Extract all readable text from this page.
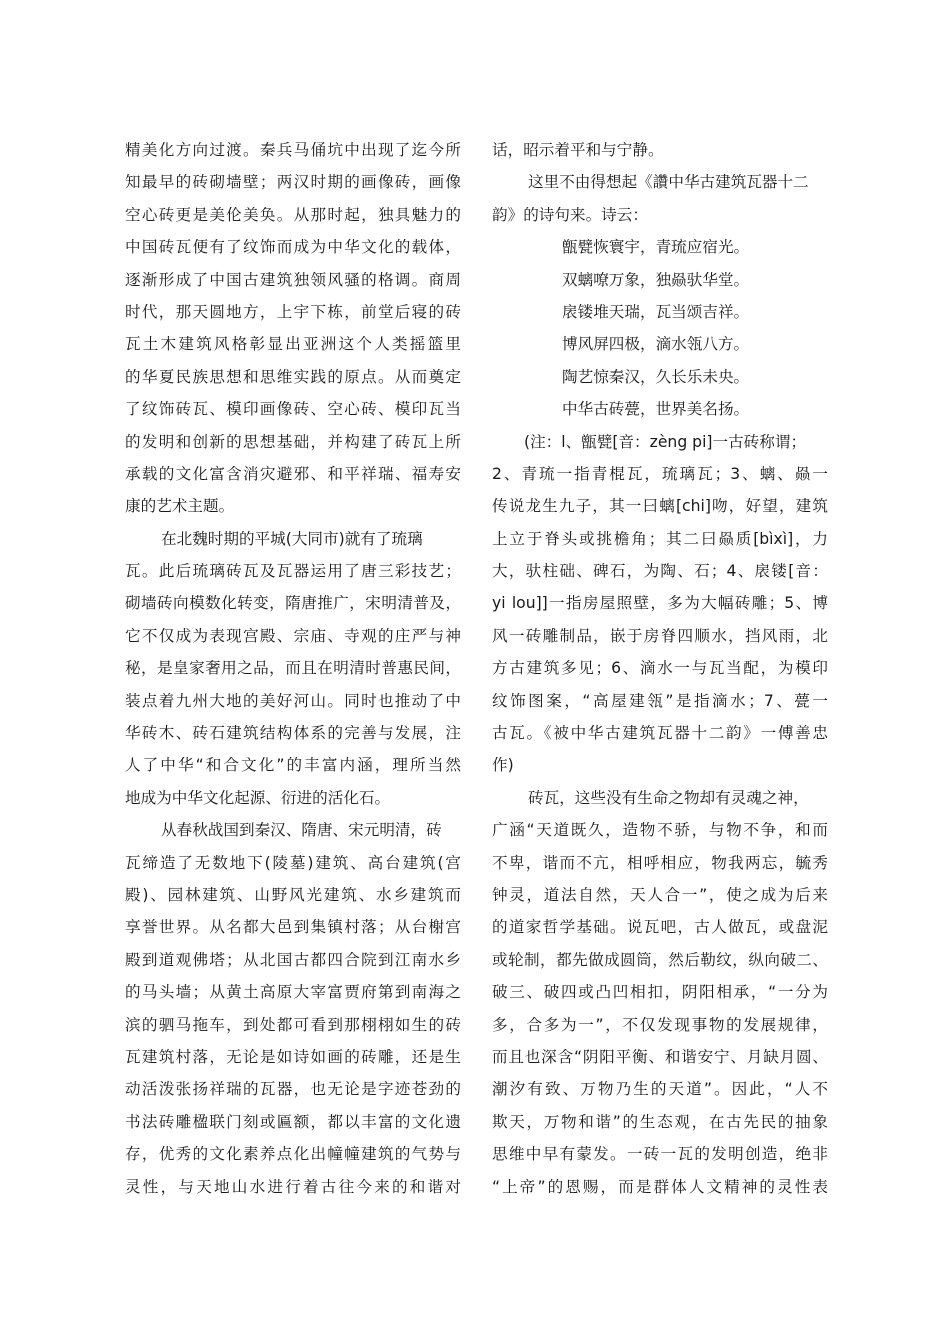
精美化方向过渡。秦兵马俑坑中出现了迄今所
知最早的砖砌墙壁；两汉时期的画像砖，画像
空心砖更是美伦美奂。从那时起，独具魅力的
中国砖瓦便有了纹饰而成为中华文化的载体，
逐渐形成了中国古建筑独领风骚的格调。商周
时代，那天圆地方，上宇下栋，前堂后寝的砖
瓦土木建筑风格彰显出亚洲这个人类摇篮里
的华夏民族思想和思维实践的原点。从而奠定
了纹饰砖瓦、模印画像砖、空心砖、模印瓦当
的发明和创新的思想基础，并构建了砖瓦上所
承载的文化富含消灾避邪、和平祥瑞、福寿安
康的艺术主题。
在北魏时期的平城(大同市)就有了琉璃
瓦。此后琉璃砖瓦及瓦器运用了唐三彩技艺；
砌墙砖向模数化转变，隋唐推广，宋明清普及，
它不仅成为表现宫殿、宗庙、寺观的庄严与神
秘，是皇家奢用之品，而且在明清时普惠民间，
装点着九州大地的美好河山。同时也推动了中
华砖木、砖石建筑结构体系的完善与发展，注
人了中华“和合文化”的丰富内涵，理所当然
地成为中华文化起源、衍进的活化石。
从春秋战国到秦汉、隋唐、宋元明清，砖
瓦缔造了无数地下(陵墓)建筑、高台建筑(宫
殿)、园林建筑、山野风光建筑、水乡建筑而
享誉世界。从名都大邑到集镇村落；从台榭宫
殿到道观佛塔；从北国古都四合院到江南水乡
的马头墙；从黄土高原大宰富贾府第到南海之
滨的驷马拖车，到处都可看到那栩栩如生的砖
瓦建筑村落，无论是如诗如画的砖雕，还是生
动活泼张扬祥瑞的瓦器，也无论是字迹苍劲的
书法砖雕楹联门刻或匾额，都以丰富的文化遗
存，优秀的文化素养点化出幢幢建筑的气势与
灵性，与天地山水进行着古往今来的和谐对
话，昭示着平和与宁静。
这里不由得想起《讚中华古建筑瓦器十二
韵》的诗句来。诗云：
甑甓恢寰宇，青琉应宿光。
双螭嘹万象，独赑驮华堂。
扆镂堆天瑞，瓦当颂吉祥。
博风屏四极，滴水瓴八方。
陶艺惊秦汉，久长乐未央。
中华古砖甍，世界美名扬。
(注：l、甑甓[音：zèng pi]一古砖称谓；
2、青琉一指青棍瓦，琉璃瓦；3、螭、赑一
传说龙生九子，其一曰螭[chi]吻，好望，建筑
上立于脊头或挑檐角；其二曰赑质[bìxì]，力
大，驮柱础、碑石，为陶、石；4、扆镂[音：
yi lou]]一指房屋照壁，多为大幅砖雕；5、博
风一砖雕制品，嵌于房脊四顺水，挡风雨，北
方古建筑多见；6、滴水一与瓦当配，为模印
纹饰图案，“高屋建瓴”是指滴水；7、甍一
古瓦。《被中华古建筑瓦器十二韵》一傅善忠
作)
砖瓦，这些没有生命之物却有灵魂之神，
广涵“天道既久，造物不骄，与物不争，和而
不卑，谐而不亢，相呼相应，物我两忘，毓秀
钟灵，道法自然，天人合一”，使之成为后来
的道家哲学基础。说瓦吧，古人做瓦，或盘泥
或轮制，都先做成圆筒，然后勒纹，纵向破二、
破三、破四或凸凹相扣，阴阳相承，“一分为
多，合多为一”，不仅发现事物的发展规律，
而且也深含“阴阳平衡、和谐安宁、月缺月圆、
潮汐有致、万物乃生的天道”。因此，“人不
欺天，万物和谐”的生态观，在古先民的抽象
思维中早有蒙发。一砖一瓦的发明创造，绝非
“上帝”的恩赐，而是群体人文精神的灵性表
